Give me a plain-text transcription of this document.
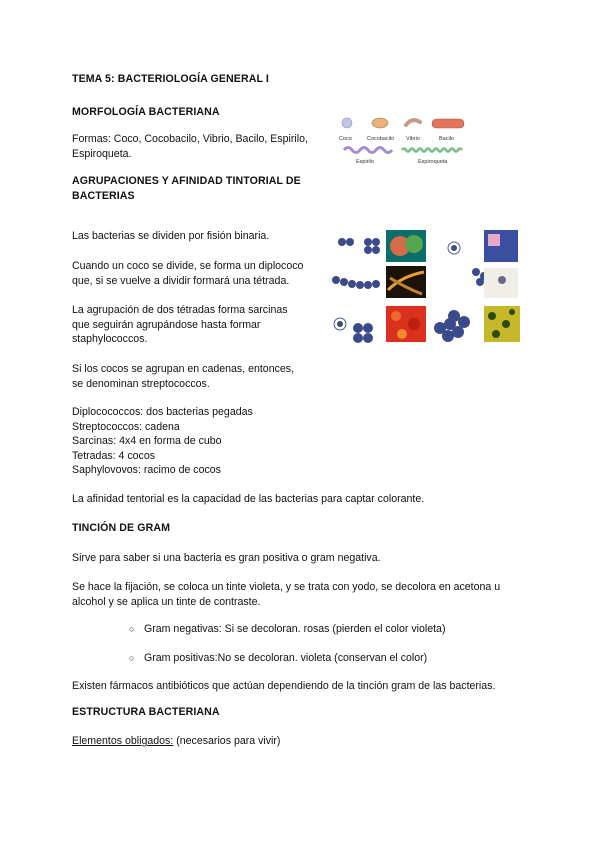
TEMA 5: BACTERIOLOGÍA GENERAL I
MORFOLOGÍA BACTERIANA
Formas: Coco, Cocobacilo, Vibrio, Bacilo, Espirilo,
Espiroqueta.
Coco	Cocobacilo Vibrio	Bacilo
Espirilo	Espiroqueta
AGRUPACIONES Y AFINIDAD TINTORIAL DE
BACTERIAS
Las bacterias se dividen por fisión binaria.
Cuando un coco se divide, se forma un diplococo
que, si se vuelve a dividir formará una tétrada.
La agrupación de dos tétradas forma sarcinas
que seguirán agrupándose hasta formar
staphylococcos.
Si los cocos se agrupan en cadenas, entonces,
se denominan streptococcos.
Diplocococcos: dos bacterias pegadas
Streptococcos: cadena
Sarcinas: 4x4 en forma de cubo
Tetradas: 4 cocos
Saphylovovos: racimo de cocos
La afinidad tentorial es la capacidad de las bacterias para captar colorante.
TINCIÓN DE GRAM
Sirve para saber si una bacteria es gran positiva o gram negativa.
Se hace la fijación, se coloca un tinte violeta, y se trata con yodo, se decolora en acetona u
alcohol y se aplica un tinte de contraste.
○ Gram negativas: Si se decoloran. rosas (pierden el color violeta)
○ Gram positivas:No se decoloran. violeta (conservan el color)
Existen fármacos antibióticos que actúan dependiendo de la tinción gram de las bacterias.
ESTRUCTURA BACTERIANA
Elementos obligados: (necesarios para vivir)
